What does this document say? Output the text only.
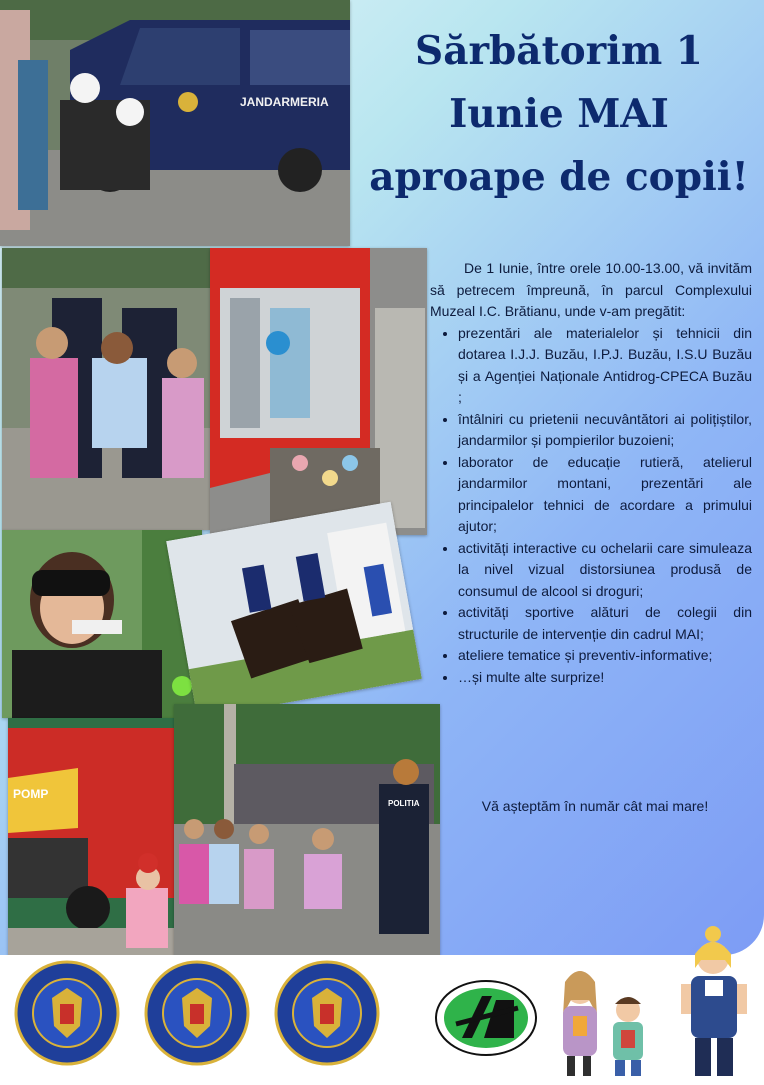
Sărbătorim 1 Iunie MAI aproape de copii!

De 1 Iunie, între orele 10.00-13.00, vă invităm să petrecem împreună, în parcul Complexului Muzeal I.C. Brătianu, unde v-am pregătit:

• prezentări ale materialelor și tehnicii din dotarea I.J.J. Buzău, I.P.J. Buzău, I.S.U Buzău și a Agenției Naționale Antidrog-CPECA Buzău ;
• întâlniri cu prietenii necuvântători ai polițiștilor, jandarmilor și pompierilor buzoieni;
• laborator de educație rutieră, atelierul jandarmilor montani, prezentări ale principalelor tehnici de acordare a primului ajutor;
• activități interactive cu ochelarii care simuleaza la nivel vizual distorsiunea produsă de consumul de alcool si droguri;
• activități sportive alături de colegii din structurile de intervenție din cadrul MAI;
• ateliere tematice și preventiv-informative;
• …și multe alte surprize!
Vă așteptăm în număr cât mai mare!
JANDARMERIA
POMP
POLITIA
